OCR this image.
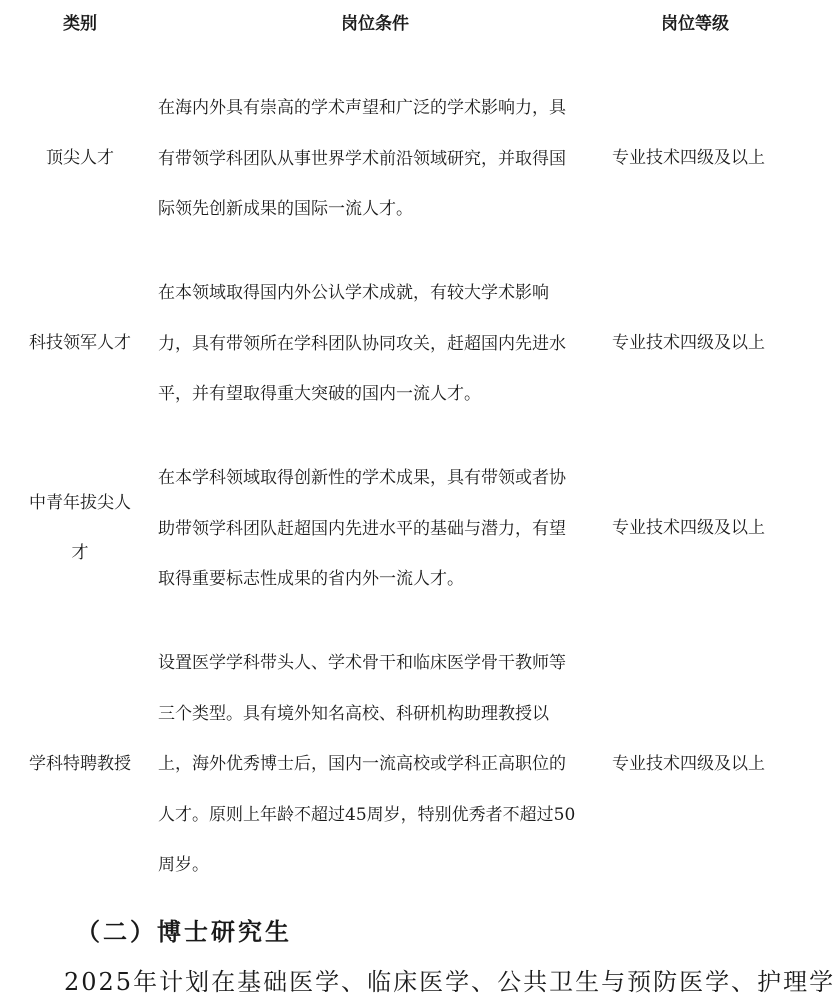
类别	岗位条件	岗位等级
顶尖人才
在海内外具有崇高的学术声望和广泛的学术影响力，具
有带领学科团队从事世界学术前沿领域研究，并取得国
际领先创新成果的国际一流人才。
专业技术四级及以上
科技领军人才
在本领域取得国内外公认学术成就，有较大学术影响
力，具有带领所在学科团队协同攻关，赶超国内先进水
平，并有望取得重大突破的国内一流人才。
专业技术四级及以上
中青年拔尖人
才
在本学科领域取得创新性的学术成果，具有带领或者协
助带领学科团队赶超国内先进水平的基础与潜力，有望
取得重要标志性成果的省内外一流人才。
专业技术四级及以上
学科特聘教授
设置医学学科带头人、学术骨干和临床医学骨干教师等
三个类型。具有境外知名高校、科研机构助理教授以
上，海外优秀博士后，国内一流高校或学科正高职位的
人才。原则上年龄不超过45周岁，特别优秀者不超过50
周岁。
专业技术四级及以上
（二）博士研究生
2025年计划在基础医学、临床医学、公共卫生与预防医学、护理学
